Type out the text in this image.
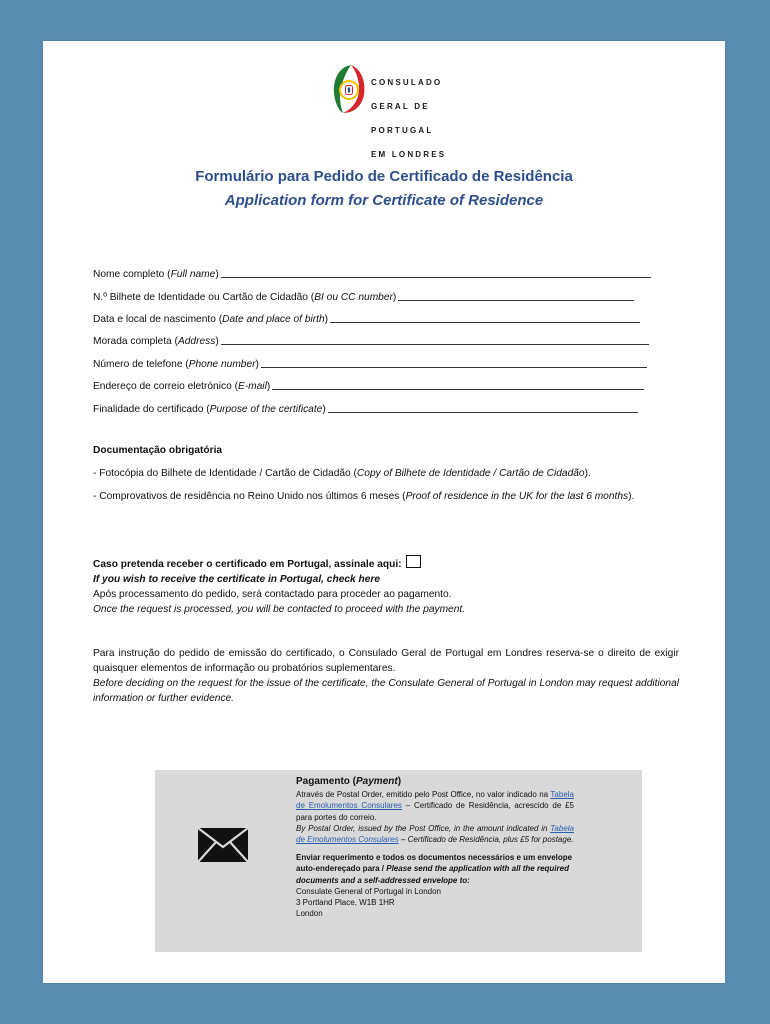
CONSULADO

GERAL DE

PORTUGAL

EM LONDRES

Formulário para Pedido de Certificado de Residência
Application form for Certificate of Residence
Nome completo (Full name)
N.º Bilhete de Identidade ou Cartão de Cidadão (BI ou CC number)
Data e local de nascimento (Date and place of birth)
Morada completa (Address)
Número de telefone (Phone number)
Endereço de correio eletrónico (E-mail)
Finalidade do certificado (Purpose of the certificate)
Documentação obrigatória
- Fotocópia do Bilhete de Identidade / Cartão de Cidadão (Copy of Bilhete de Identidade / Cartão de Cidadão).
- Comprovativos de residência no Reino Unido nos últimos 6 meses (Proof of residence in the UK for the last 6 months).
Caso pretenda receber o certificado em Portugal, assinale aqui:
If you wish to receive the certificate in Portugal, check here
Após processamento do pedido, será contactado para proceder ao pagamento.
Once the request is processed, you will be contacted to proceed with the payment.
Para instrução do pedido de emissão do certificado, o Consulado Geral de Portugal em Londres reserva-se o direito de exigir quaisquer elementos de informação ou probatórios suplementares.
Before deciding on the request for the issue of the certificate, the Consulate General of Portugal in London may request additional information or further evidence.
Pagamento (Payment)
Através de Postal Order, emitido pelo Post Office, no valor indicado na Tabela de Emolumentos Consulares – Certificado de Residência, acrescido de £5 para portes do correio.
By Postal Order, issued by the Post Office, in the amount indicated in Tabela de Emolumentos Consulares – Certificado de Residência, plus £5 for postage.
Enviar requerimento e todos os documentos necessários e um envelope auto-endereçado para / Please send the application with all the required documents and a self-addressed envelope to:
Consulate General of Portugal in London
3 Portland Place, W1B 1HR
London
